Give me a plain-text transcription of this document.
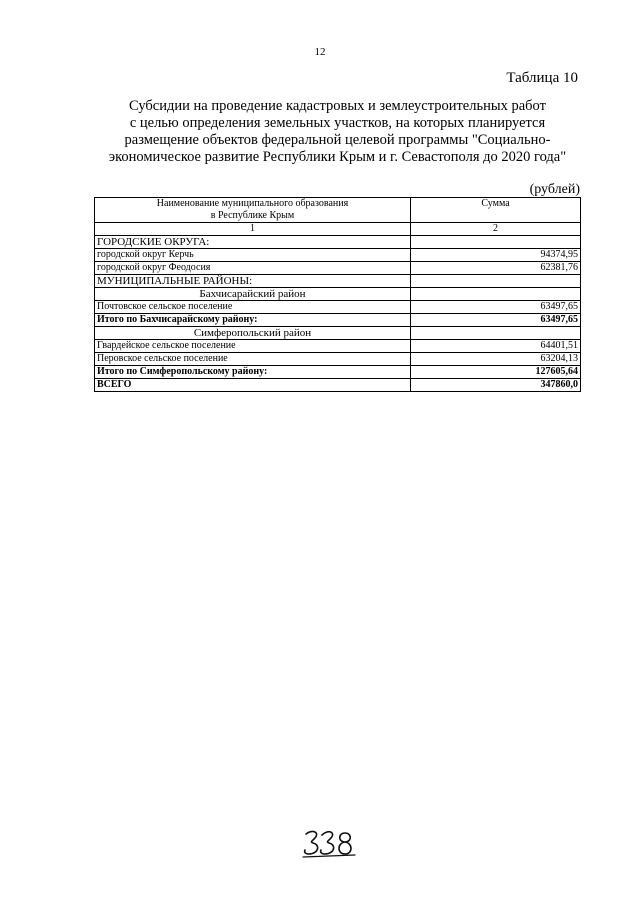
12
Таблица 10
Субсидии на проведение кадастровых и землеустроительных работ
с целью определения земельных участков, на которых планируется
размещение объектов федеральной целевой программы "Социально-
экономическое развитие Республики Крым и г. Севастополя до 2020 года"
(рублей)
Наименование муниципального образования
в Республике Крым	Сумма
1	2
ГОРОДСКИЕ ОКРУГА:	
городской округ Керчь	94374,95
городской округ Феодосия	62381,76
МУНИЦИПАЛЬНЫЕ РАЙОНЫ:	
Бахчисарайский район	
Почтовское сельское поселение	63497,65
Итого по Бахчисарайскому району:	63497,65
Симферопольский район	
Гвардейское сельское поселение	64401,51
Перовское сельское поселение	63204,13
Итого по Симферопольскому району:	127605,64
ВСЕГО	347860,0
